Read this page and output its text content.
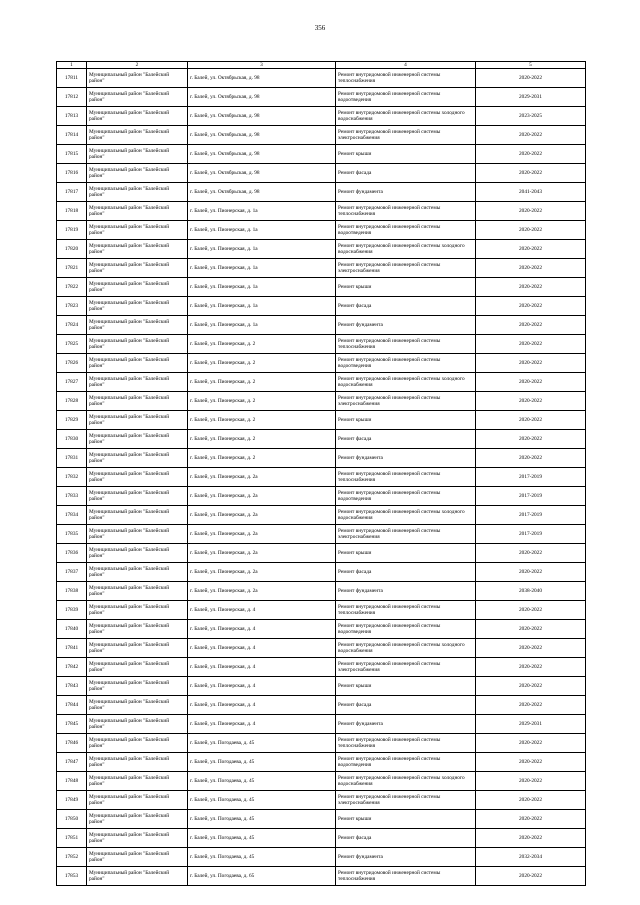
356
1	2	3	4	5
17811	Муниципальный район "Балейский район"	г. Балей, ул. Октябрьская, д. 98	Ремонт внутридомовой инженерной системы теплоснабжения	2020-2022
17812	Муниципальный район "Балейский район"	г. Балей, ул. Октябрьская, д. 98	Ремонт внутридомовой инженерной системы водоотведения	2029-2031
17813	Муниципальный район "Балейский район"	г. Балей, ул. Октябрьская, д. 98	Ремонт внутридомовой инженерной системы холодного водоснабжения	2023-2025
17814	Муниципальный район "Балейский район"	г. Балей, ул. Октябрьская, д. 98	Ремонт внутридомовой инженерной системы электроснабжения	2020-2022
17815	Муниципальный район "Балейский район"	г. Балей, ул. Октябрьская, д. 98	Ремонт крыши	2020-2022
17816	Муниципальный район "Балейский район"	г. Балей, ул. Октябрьская, д. 98	Ремонт фасада	2020-2022
17817	Муниципальный район "Балейский район"	г. Балей, ул. Октябрьская, д. 98	Ремонт фундамента	2041-2043
17818	Муниципальный район "Балейский район"	г. Балей, ул. Пионерская, д. 1а	Ремонт внутридомовой инженерной системы теплоснабжения	2020-2022
17819	Муниципальный район "Балейский район"	г. Балей, ул. Пионерская, д. 1а	Ремонт внутридомовой инженерной системы водоотведения	2020-2022
17820	Муниципальный район "Балейский район"	г. Балей, ул. Пионерская, д. 1а	Ремонт внутридомовой инженерной системы холодного водоснабжения	2020-2022
17821	Муниципальный район "Балейский район"	г. Балей, ул. Пионерская, д. 1а	Ремонт внутридомовой инженерной системы электроснабжения	2020-2022
17822	Муниципальный район "Балейский район"	г. Балей, ул. Пионерская, д. 1а	Ремонт крыши	2020-2022
17823	Муниципальный район "Балейский район"	г. Балей, ул. Пионерская, д. 1а	Ремонт фасада	2020-2022
17824	Муниципальный район "Балейский район"	г. Балей, ул. Пионерская, д. 1а	Ремонт фундамента	2020-2022
17825	Муниципальный район "Балейский район"	г. Балей, ул. Пионерская, д. 2	Ремонт внутридомовой инженерной системы теплоснабжения	2020-2022
17826	Муниципальный район "Балейский район"	г. Балей, ул. Пионерская, д. 2	Ремонт внутридомовой инженерной системы водоотведения	2020-2022
17827	Муниципальный район "Балейский район"	г. Балей, ул. Пионерская, д. 2	Ремонт внутридомовой инженерной системы холодного водоснабжения	2020-2022
17828	Муниципальный район "Балейский район"	г. Балей, ул. Пионерская, д. 2	Ремонт внутридомовой инженерной системы электроснабжения	2020-2022
17829	Муниципальный район "Балейский район"	г. Балей, ул. Пионерская, д. 2	Ремонт крыши	2020-2022
17830	Муниципальный район "Балейский район"	г. Балей, ул. Пионерская, д. 2	Ремонт фасада	2020-2022
17831	Муниципальный район "Балейский район"	г. Балей, ул. Пионерская, д. 2	Ремонт фундамента	2020-2022
17832	Муниципальный район "Балейский район"	г. Балей, ул. Пионерская, д. 2а	Ремонт внутридомовой инженерной системы теплоснабжения	2017-2019
17833	Муниципальный район "Балейский район"	г. Балей, ул. Пионерская, д. 2а	Ремонт внутридомовой инженерной системы водоотведения	2017-2019
17834	Муниципальный район "Балейский район"	г. Балей, ул. Пионерская, д. 2а	Ремонт внутридомовой инженерной системы холодного водоснабжения	2017-2019
17835	Муниципальный район "Балейский район"	г. Балей, ул. Пионерская, д. 2а	Ремонт внутридомовой инженерной системы электроснабжения	2017-2019
17836	Муниципальный район "Балейский район"	г. Балей, ул. Пионерская, д. 2а	Ремонт крыши	2020-2022
17837	Муниципальный район "Балейский район"	г. Балей, ул. Пионерская, д. 2а	Ремонт фасада	2020-2022
17838	Муниципальный район "Балейский район"	г. Балей, ул. Пионерская, д. 2а	Ремонт фундамента	2038-2040
17839	Муниципальный район "Балейский район"	г. Балей, ул. Пионерская, д. 4	Ремонт внутридомовой инженерной системы теплоснабжения	2020-2022
17840	Муниципальный район "Балейский район"	г. Балей, ул. Пионерская, д. 4	Ремонт внутридомовой инженерной системы водоотведения	2020-2022
17841	Муниципальный район "Балейский район"	г. Балей, ул. Пионерская, д. 4	Ремонт внутридомовой инженерной системы холодного водоснабжения	2020-2022
17842	Муниципальный район "Балейский район"	г. Балей, ул. Пионерская, д. 4	Ремонт внутридомовой инженерной системы электроснабжения	2020-2022
17843	Муниципальный район "Балейский район"	г. Балей, ул. Пионерская, д. 4	Ремонт крыши	2020-2022
17844	Муниципальный район "Балейский район"	г. Балей, ул. Пионерская, д. 4	Ремонт фасада	2020-2022
17845	Муниципальный район "Балейский район"	г. Балей, ул. Пионерская, д. 4	Ремонт фундамента	2029-2031
17846	Муниципальный район "Балейский район"	г. Балей, ул. Погодаева, д. 45	Ремонт внутридомовой инженерной системы теплоснабжения	2020-2022
17847	Муниципальный район "Балейский район"	г. Балей, ул. Погодаева, д. 45	Ремонт внутридомовой инженерной системы водоотведения	2020-2022
17848	Муниципальный район "Балейский район"	г. Балей, ул. Погодаева, д. 45	Ремонт внутридомовой инженерной системы холодного водоснабжения	2020-2022
17849	Муниципальный район "Балейский район"	г. Балей, ул. Погодаева, д. 45	Ремонт внутридомовой инженерной системы электроснабжения	2020-2022
17850	Муниципальный район "Балейский район"	г. Балей, ул. Погодаева, д. 45	Ремонт крыши	2020-2022
17851	Муниципальный район "Балейский район"	г. Балей, ул. Погодаева, д. 45	Ремонт фасада	2020-2022
17852	Муниципальный район "Балейский район"	г. Балей, ул. Погодаева, д. 45	Ремонт фундамента	2032-2034
17853	Муниципальный район "Балейский район"	г. Балей, ул. Погодаева, д. 65	Ремонт внутридомовой инженерной системы теплоснабжения	2020-2022
